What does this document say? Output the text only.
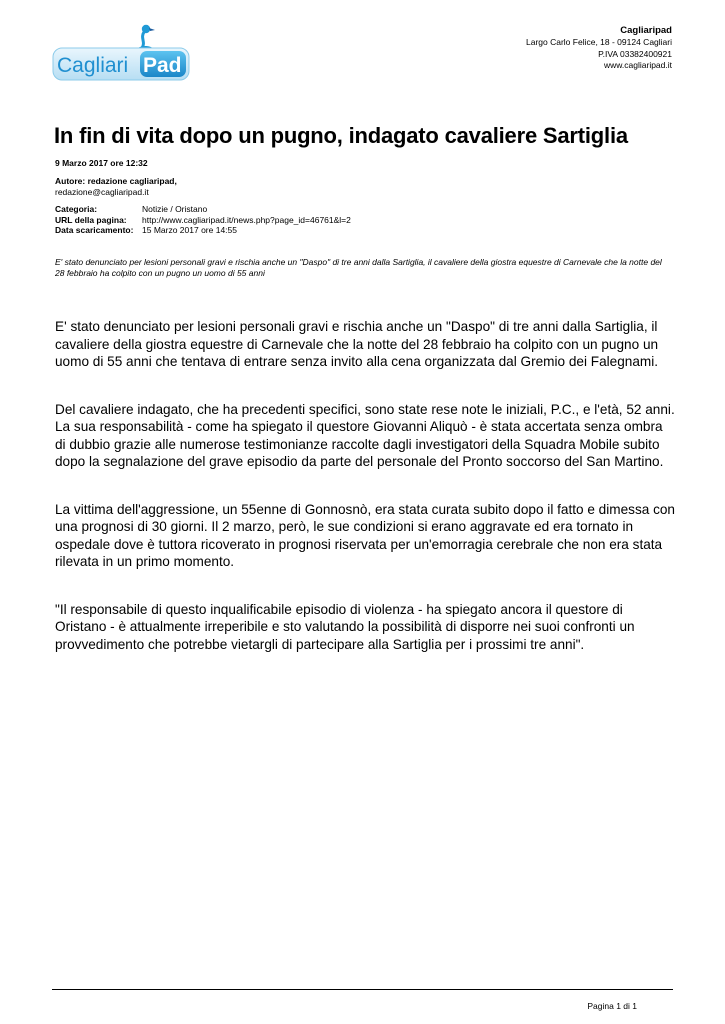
Cagliari Pad
Cagliaripad
Largo Carlo Felice, 18 - 09124 Cagliari
P.IVA 03382400921
www.cagliaripad.it
In fin di vita dopo un pugno, indagato cavaliere Sartiglia
9 Marzo 2017 ore 12:32
Autore: redazione cagliaripad,
redazione@cagliaripad.it
Categoria:	Notizie / Oristano
URL della pagina:	http://www.cagliaripad.it/news.php?page_id=46761&l=2
Data scaricamento:	15 Marzo 2017 ore 14:55

E' stato denunciato per lesioni personali gravi e rischia anche un "Daspo" di tre anni dalla Sartiglia, il cavaliere della giostra equestre di Carnevale che la notte del 28 febbraio ha colpito con un pugno un uomo di 55 anni

E' stato denunciato per lesioni personali gravi e rischia anche un "Daspo" di tre anni dalla Sartiglia, il cavaliere della giostra equestre di Carnevale che la notte del 28 febbraio ha colpito con un pugno un uomo di 55 anni che tentava di entrare senza invito alla cena organizzata dal Gremio dei Falegnami.

Del cavaliere indagato, che ha precedenti specifici, sono state rese note le iniziali, P.C., e l'età, 52 anni. La sua responsabilità - come ha spiegato il questore Giovanni Aliquò - è stata accertata senza ombra di dubbio grazie alle numerose testimonianze raccolte dagli investigatori della Squadra Mobile subito dopo la segnalazione del grave episodio da parte del personale del Pronto soccorso del San Martino.

La vittima dell'aggressione, un 55enne di Gonnosnò, era stata curata subito dopo il fatto e dimessa con una prognosi di 30 giorni. Il 2 marzo, però, le sue condizioni si erano aggravate ed era tornato in ospedale dove è tuttora ricoverato in prognosi riservata per un'emorragia cerebrale che non era stata rilevata in un primo momento.

"Il responsabile di questo inqualificabile episodio di violenza - ha spiegato ancora il questore di Oristano - è attualmente irreperibile e sto valutando la possibilità di disporre nei suoi confronti un provvedimento che potrebbe vietargli di partecipare alla Sartiglia per i prossimi tre anni".

Pagina 1 di 1
